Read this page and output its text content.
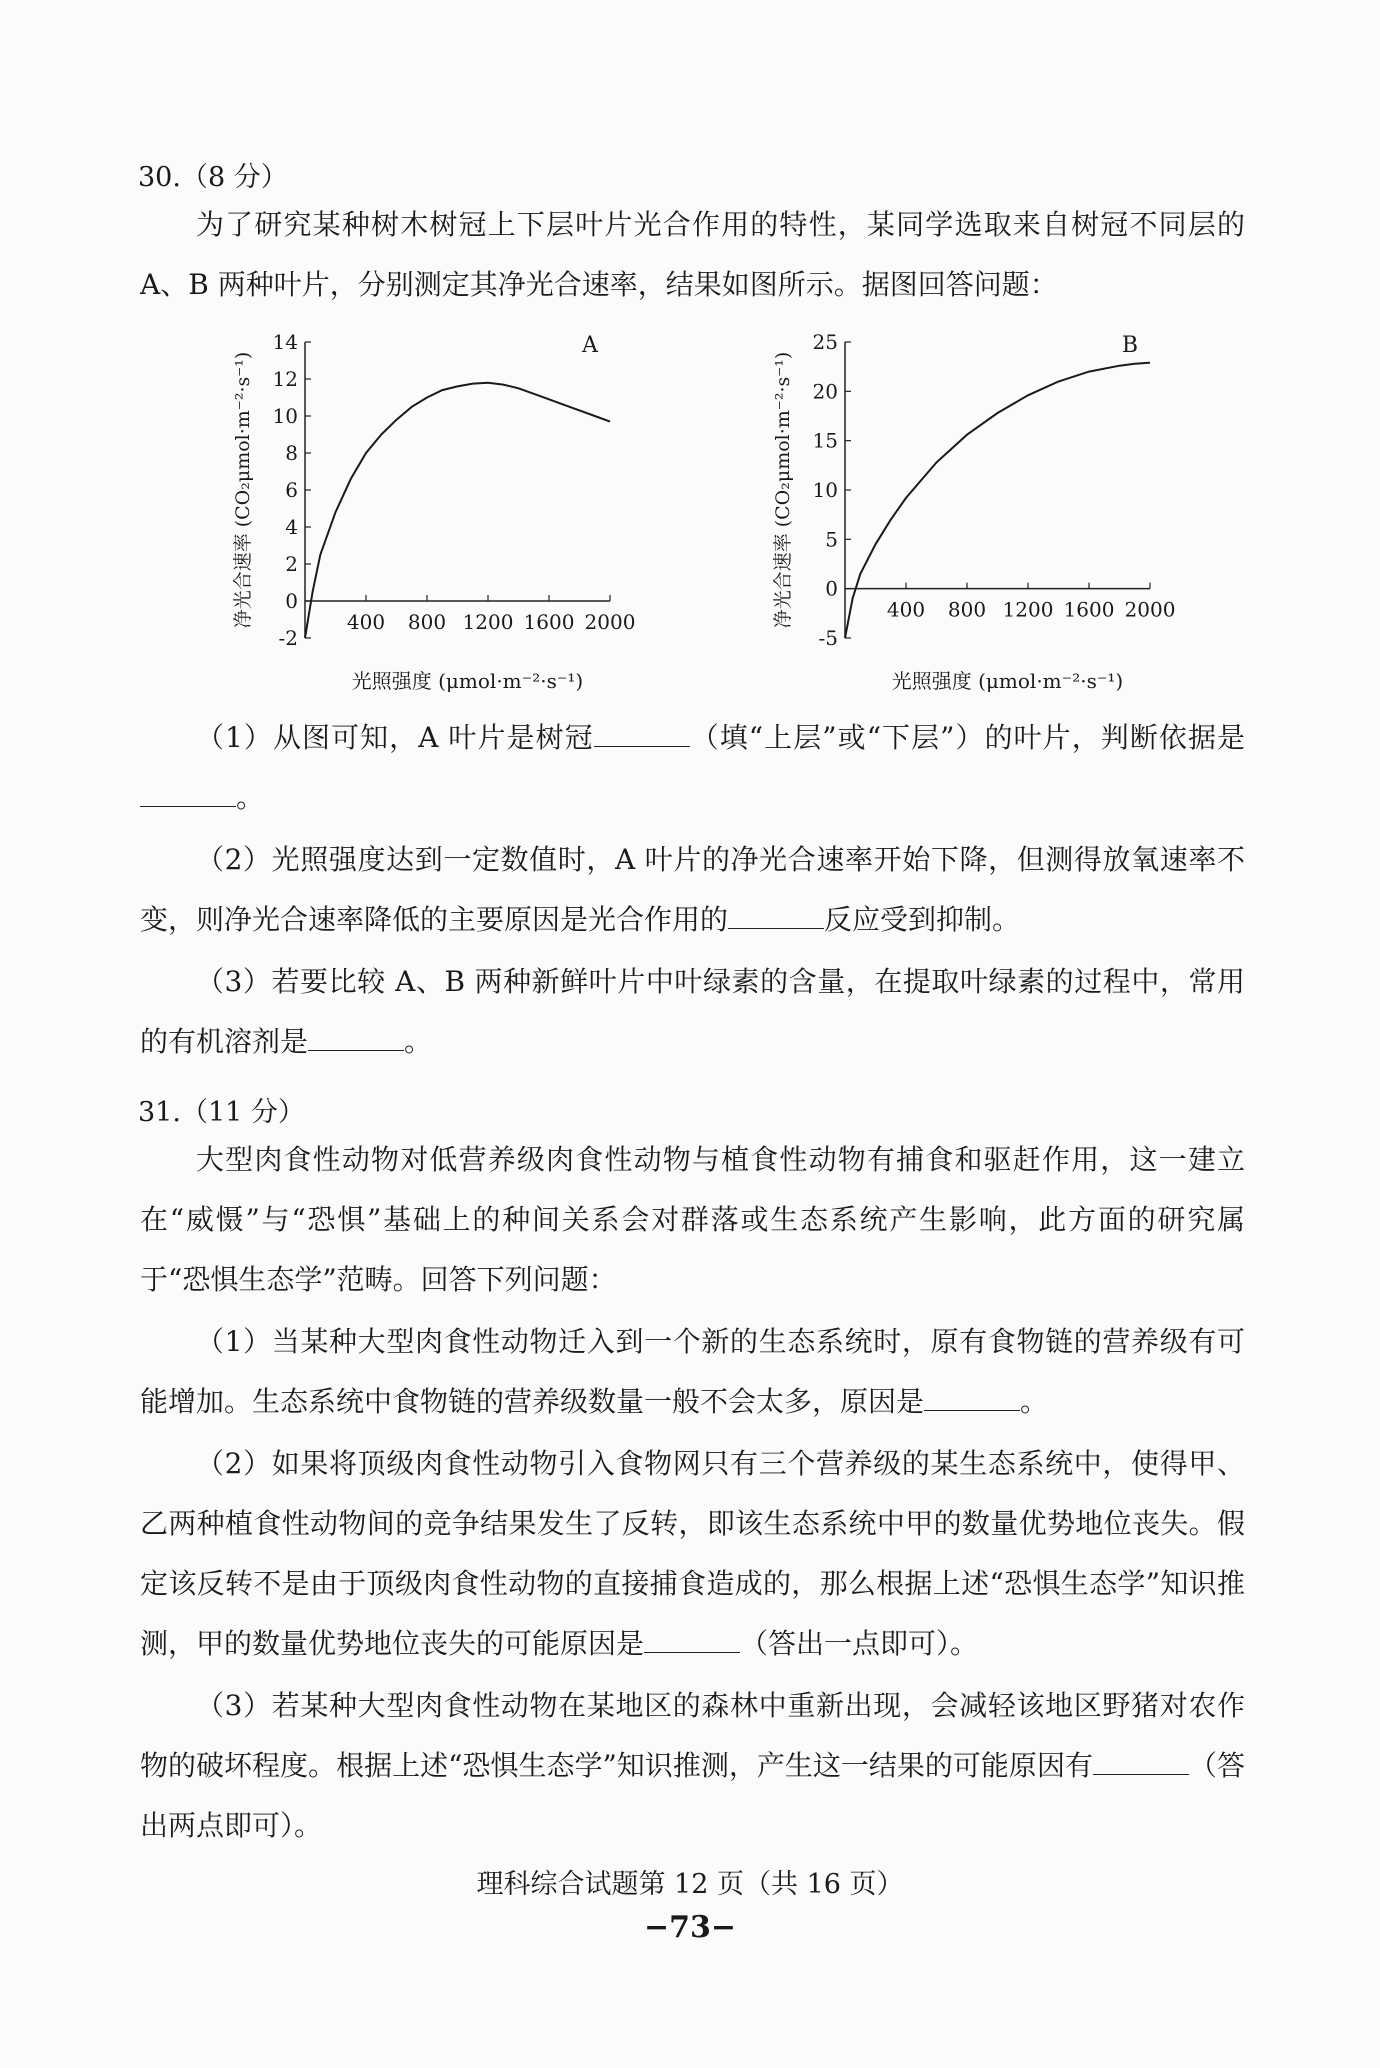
30.（8 分）

为了研究某种树木树冠上下层叶片光合作用的特性，某同学选取来自树冠不同层的 A、B 两种叶片，分别测定其净光合速率，结果如图所示。据图回答问题：

-2
0
2
4
6
8
10
12
14
400 800 1200 1600 2000
A
净光合速率 (CO₂μmol·m⁻²·s⁻¹)
光照强度 (μmol·m⁻²·s⁻¹)
-5
0
5
10
15
20
25
400 800 1200 1600 2000
B
净光合速率 (CO₂μmol·m⁻²·s⁻¹)
光照强度 (μmol·m⁻²·s⁻¹)

（1）从图可知，A 叶片是树冠	（填“上层”或“下层”）的叶片，判断依据是。

（2）光照强度达到一定数值时，A 叶片的净光合速率开始下降，但测得放氧速率不变，则净光合速率降低的主要原因是光合作用的	反应受到抑制。

（3）若要比较 A、B 两种新鲜叶片中叶绿素的含量，在提取叶绿素的过程中，常用的有机溶剂是	。

31.（11 分）

大型肉食性动物对低营养级肉食性动物与植食性动物有捕食和驱赶作用，这一建立在“威慑”与“恐惧”基础上的种间关系会对群落或生态系统产生影响，此方面的研究属于“恐惧生态学”范畴。回答下列问题：

（1）当某种大型肉食性动物迁入到一个新的生态系统时，原有食物链的营养级有可能增加。生态系统中食物链的营养级数量一般不会太多，原因是	。

（2）如果将顶级肉食性动物引入食物网只有三个营养级的某生态系统中，使得甲、乙两种植食性动物间的竞争结果发生了反转，即该生态系统中甲的数量优势地位丧失。假定该反转不是由于顶级肉食性动物的直接捕食造成的，那么根据上述“恐惧生态学”知识推测，甲的数量优势地位丧失的可能原因是	（答出一点即可）。

（3）若某种大型肉食性动物在某地区的森林中重新出现，会减轻该地区野猪对农作物的破坏程度。根据上述“恐惧生态学”知识推测，产生这一结果的可能原因有	（答出两点即可）。

理科综合试题第 12 页（共 16 页）
−73−
